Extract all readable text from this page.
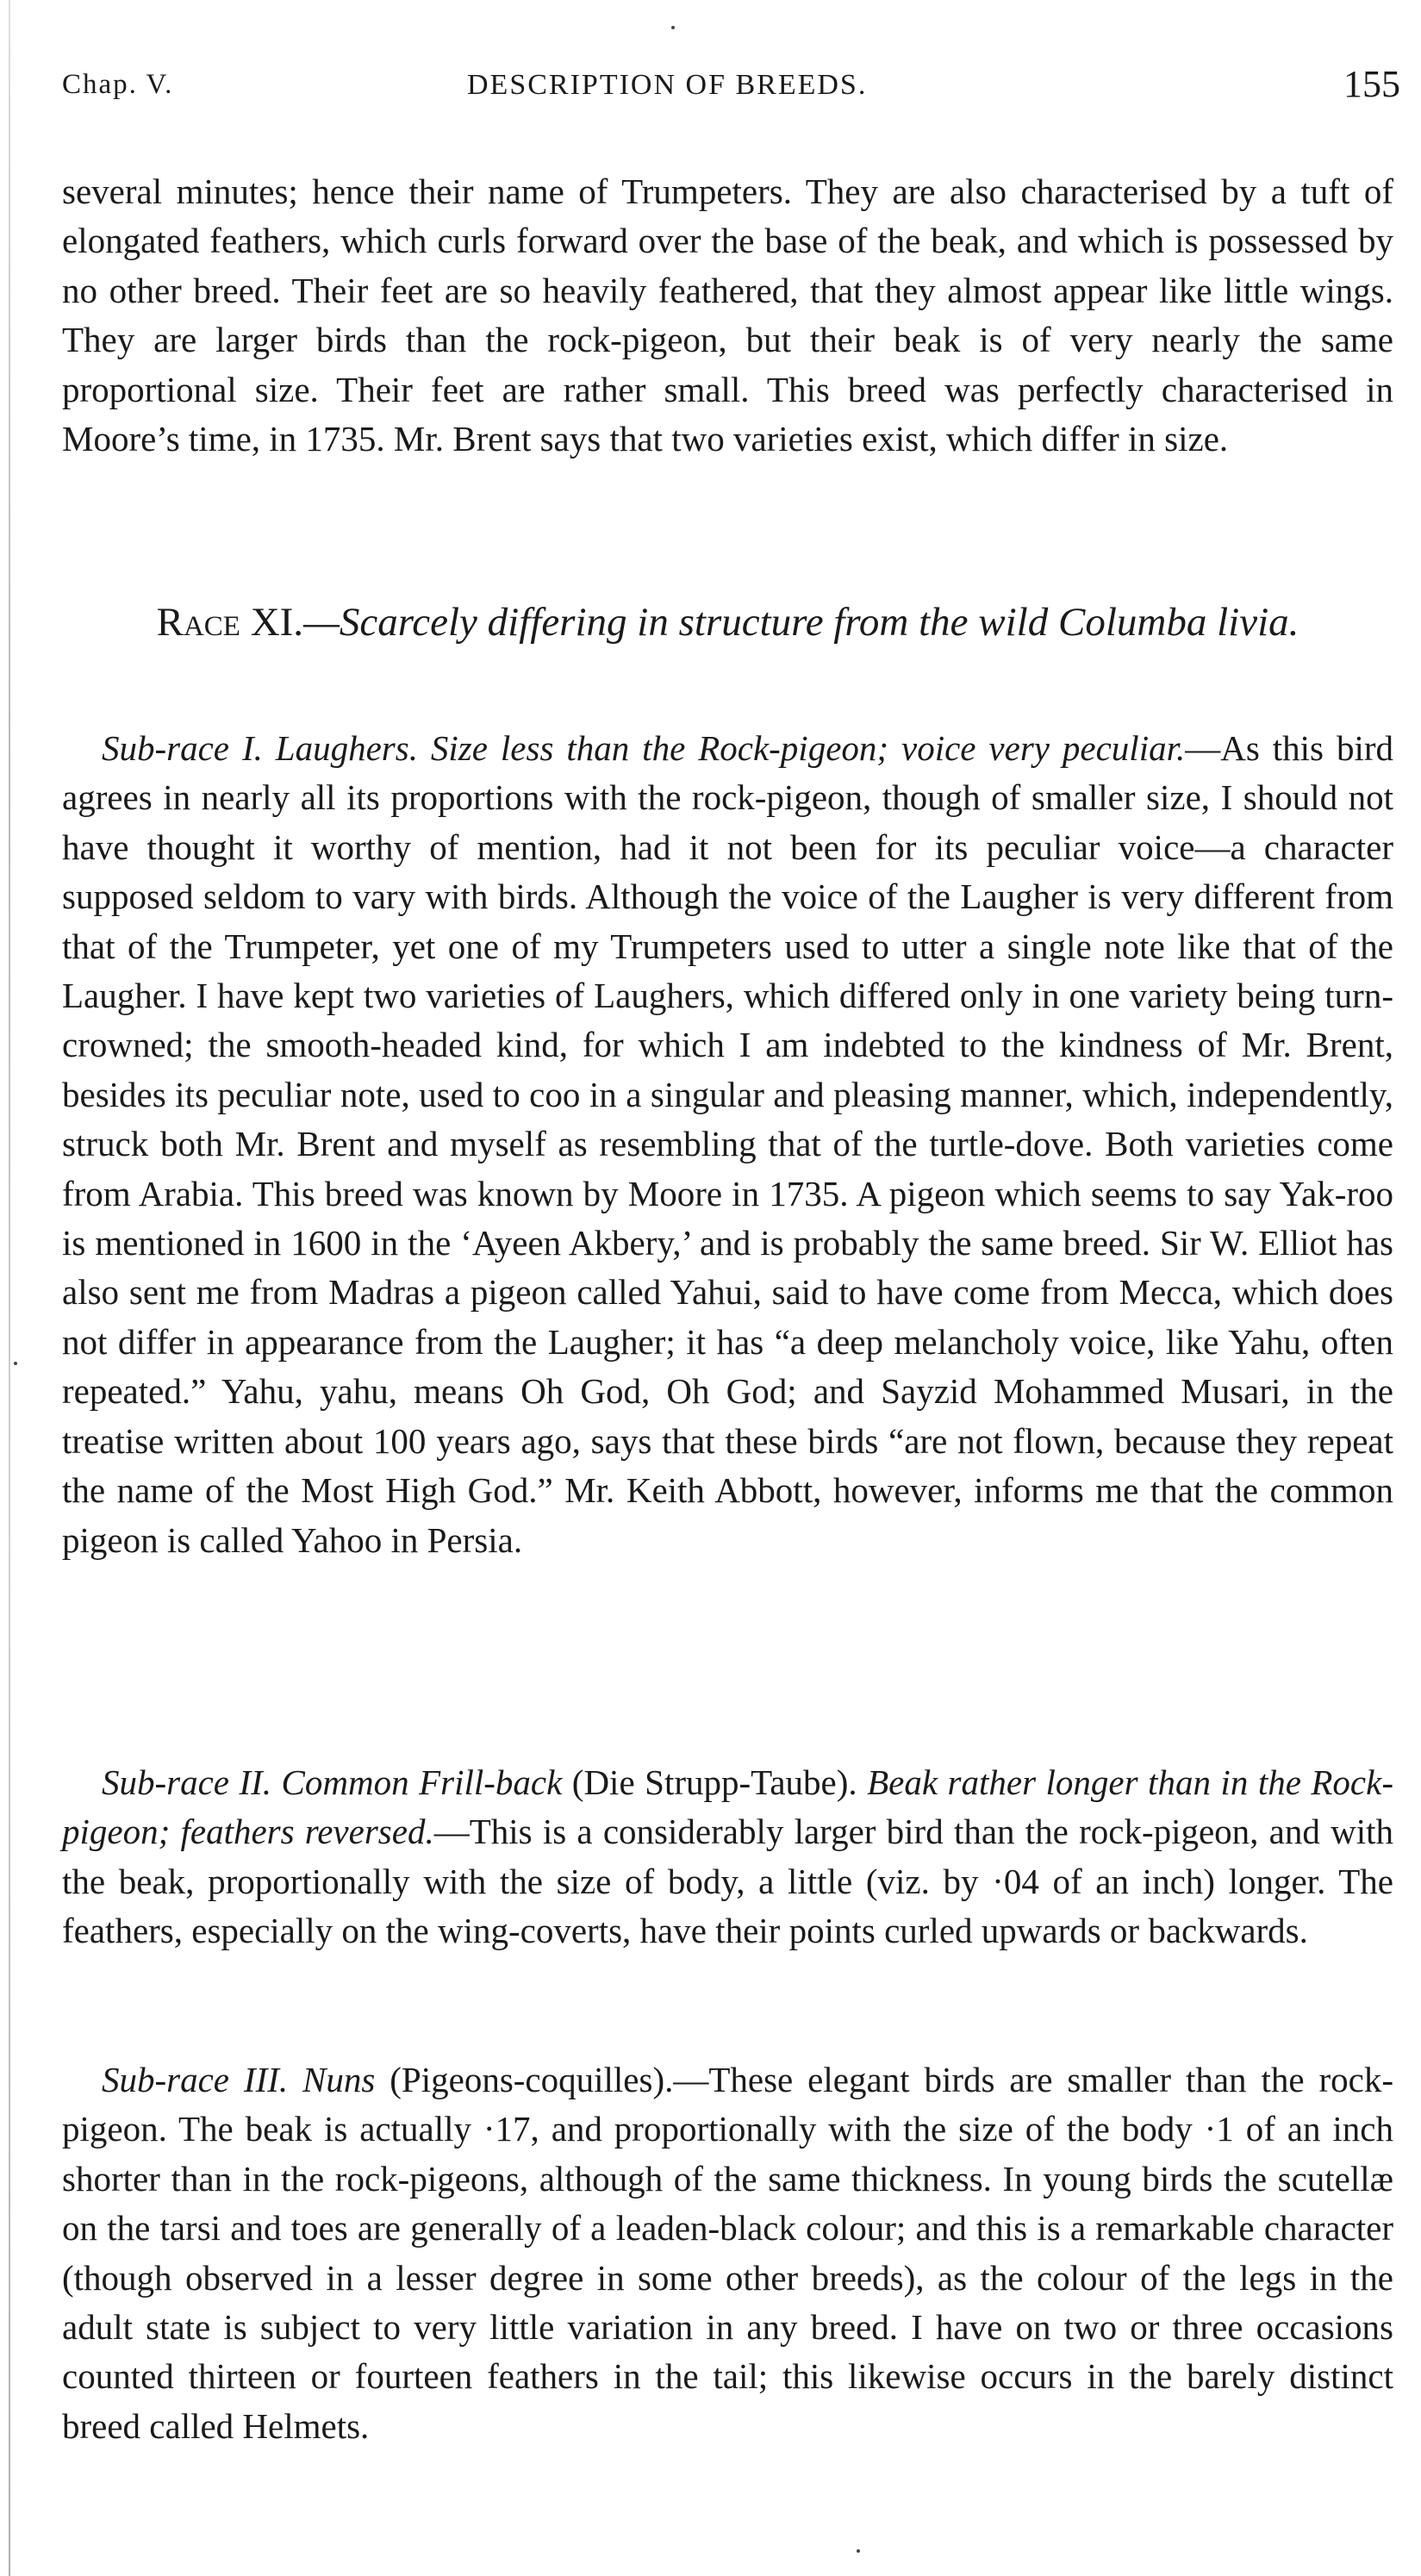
Chap. V.	DESCRIPTION OF BREEDS.	155

several minutes; hence their name of Trumpeters. They are also characterised by a tuft of elongated feathers, which curls forward over the base of the beak, and which is possessed by no other breed. Their feet are so heavily feathered, that they almost appear like little wings. They are larger birds than the rock-pigeon, but their beak is of very nearly the same proportional size. Their feet are rather small. This breed was perfectly characterised in Moore’s time, in 1735. Mr. Brent says that two varieties exist, which differ in size.

Race XI.—Scarcely differing in structure from the wild Columba livia.

Sub-race I. Laughers. Size less than the Rock-pigeon; voice very peculiar.—As this bird agrees in nearly all its proportions with the rock-pigeon, though of smaller size, I should not have thought it worthy of mention, had it not been for its peculiar voice—a character supposed seldom to vary with birds. Although the voice of the Laugher is very different from that of the Trumpeter, yet one of my Trumpeters used to utter a single note like that of the Laugher. I have kept two varieties of Laughers, which differed only in one variety being turn-crowned; the smooth-headed kind, for which I am indebted to the kindness of Mr. Brent, besides its peculiar note, used to coo in a singular and pleasing manner, which, independently, struck both Mr. Brent and myself as resembling that of the turtle-dove. Both varieties come from Arabia. This breed was known by Moore in 1735. A pigeon which seems to say Yak-roo is mentioned in 1600 in the ‘Ayeen Akbery,’ and is probably the same breed. Sir W. Elliot has also sent me from Madras a pigeon called Yahui, said to have come from Mecca, which does not differ in appearance from the Laugher; it has “a deep melancholy voice, like Yahu, often repeated.” Yahu, yahu, means Oh God, Oh God; and Sayzid Mohammed Musari, in the treatise written about 100 years ago, says that these birds “are not flown, because they repeat the name of the Most High God.” Mr. Keith Abbott, however, informs me that the common pigeon is called Yahoo in Persia.

Sub-race II. Common Frill-back (Die Strupp-Taube). Beak rather longer than in the Rock-pigeon; feathers reversed.—This is a considerably larger bird than the rock-pigeon, and with the beak, proportionally with the size of body, a little (viz. by ·04 of an inch) longer. The feathers, especially on the wing-coverts, have their points curled upwards or backwards.

Sub-race III. Nuns (Pigeons-coquilles).—These elegant birds are smaller than the rock-pigeon. The beak is actually ·17, and proportionally with the size of the body ·1 of an inch shorter than in the rock-pigeons, although of the same thickness. In young birds the scutellæ on the tarsi and toes are generally of a leaden-black colour; and this is a remarkable character (though observed in a lesser degree in some other breeds), as the colour of the legs in the adult state is subject to very little variation in any breed. I have on two or three occasions counted thirteen or fourteen feathers in the tail; this likewise occurs in the barely distinct breed called Helmets.
